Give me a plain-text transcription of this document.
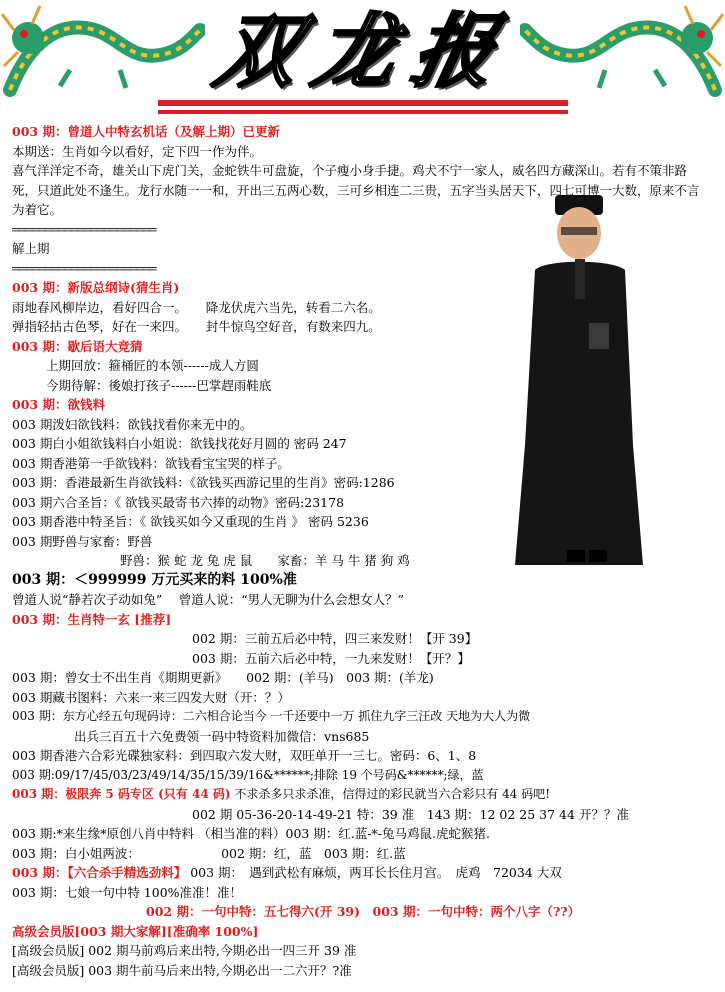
双龙报
003 期：曾道人中特玄机话（及解上期）已更新
本期送：生肖如今以看好，定下四一作为伴。
喜气洋洋定不奇，雄关山下虎门关，金蛇铁牛可盘旋，个子瘦小身手捷。鸡犬不宁一家人，威名四方藏深山。若有不策非路死，只道此处不逢生。龙行水随一一和，开出三五两心数，三可乡相连二三贵，五字当头居天下，四七可博一大数，原来不言为着它。
══════════════════════
解上期
══════════════════════
003 期：新版总纲诗(猜生肖)
雨地春风柳岸边，看好四合一。　　降龙伏虎六当先，转看二六名。
弹指轻拈古色琴，好在一来四。　　封牛惊鸟空好音，有数来四九。
003 期：歇后语大竞猜
上期回放：箍桶匠的本领------成人方圆
今期待解：後娘打孩子------巴掌趕雨鞋底
003 期：欲钱料
003 期泼妇欲钱料：欲钱找看你来无中的。
003 期白小姐欲钱料白小姐说：欲钱找花好月圆的 密码 247
003 期香港第一手欲钱料：欲钱看宝宝哭的样子。
003 期：香港最新生肖欲钱料：《欲钱买西游记里的生肖》密码:1286
003 期六合圣旨：《 欲钱买最寄书六捧的动物》密码:23178
003 期香港中特圣旨：《 欲钱买如今又重现的生肖 》 密码 5236
003 期野兽与家畜：野兽
野兽：猴 蛇 龙 兔 虎 鼠　　家畜：羊 马 牛 猪 狗 鸡
003 期：＜999999 万元买来的料 100%准
曾道人说“静若次子动如兔”　 曾道人说：“男人无聊为什么会想女人？”
003 期：生肖特一玄 [推荐]
002 期：三前五后必中特，四三来发财！【开 39】
003 期：五前六后必中特，一九来发财！【开？】
003 期：曾女士不出生肖《期期更新》　　002 期：(羊马)　003 期：(羊龙)
003 期藏书图料：六来一来三四发大财（开：？）
003 期：东方心经五句现码诗：二六相合论当今 一千还要中一万 抓住九字三汪改 天地为大人为微
出兵三百五十六免费领一码中特资料加微信：vns685
003 期香港六合彩光碟独家料：到四取六发大财，双旺单开一三七。密码：6、1、8
003 期:09/17/45/03/23/49/14/35/15/39/16&******;排除 19 个号码&******;绿，蓝
003 期：极限奔 5 码专区 (只有 44 码) 不求杀多只求杀准，信得过的彩民就当六合彩只有 44 码吧!
002 期 05-36-20-14-49-21 特：39 准　143 期：12 02 25 37 44 开？？准
003 期:*来生缘*原创八肖中特料 （相当准的料）003 期：红.蓝-*-兔马鸡鼠.虎蛇猴猪.
003 期：白小姐两波：　　　　　　　002 期：红，蓝　003 期：红.蓝
003 期：【六合杀手精选劲料】 003 期：　遇到武松有麻烦，两耳长长住月宫。　虎鸡　72034 大双
003 期：七娘一句中特 100%准准！准！
002 期：一句中特：五七得六(开 39)　003 期：一句中特：两个八字（??）
高级会员版[003 期大家解][准确率 100%]
[高级会员版] 002 期马前鸡后来出特,今期必出一四三开 39 准
[高级会员版] 003 期牛前马后来出特,今期必出一二六开？?准
